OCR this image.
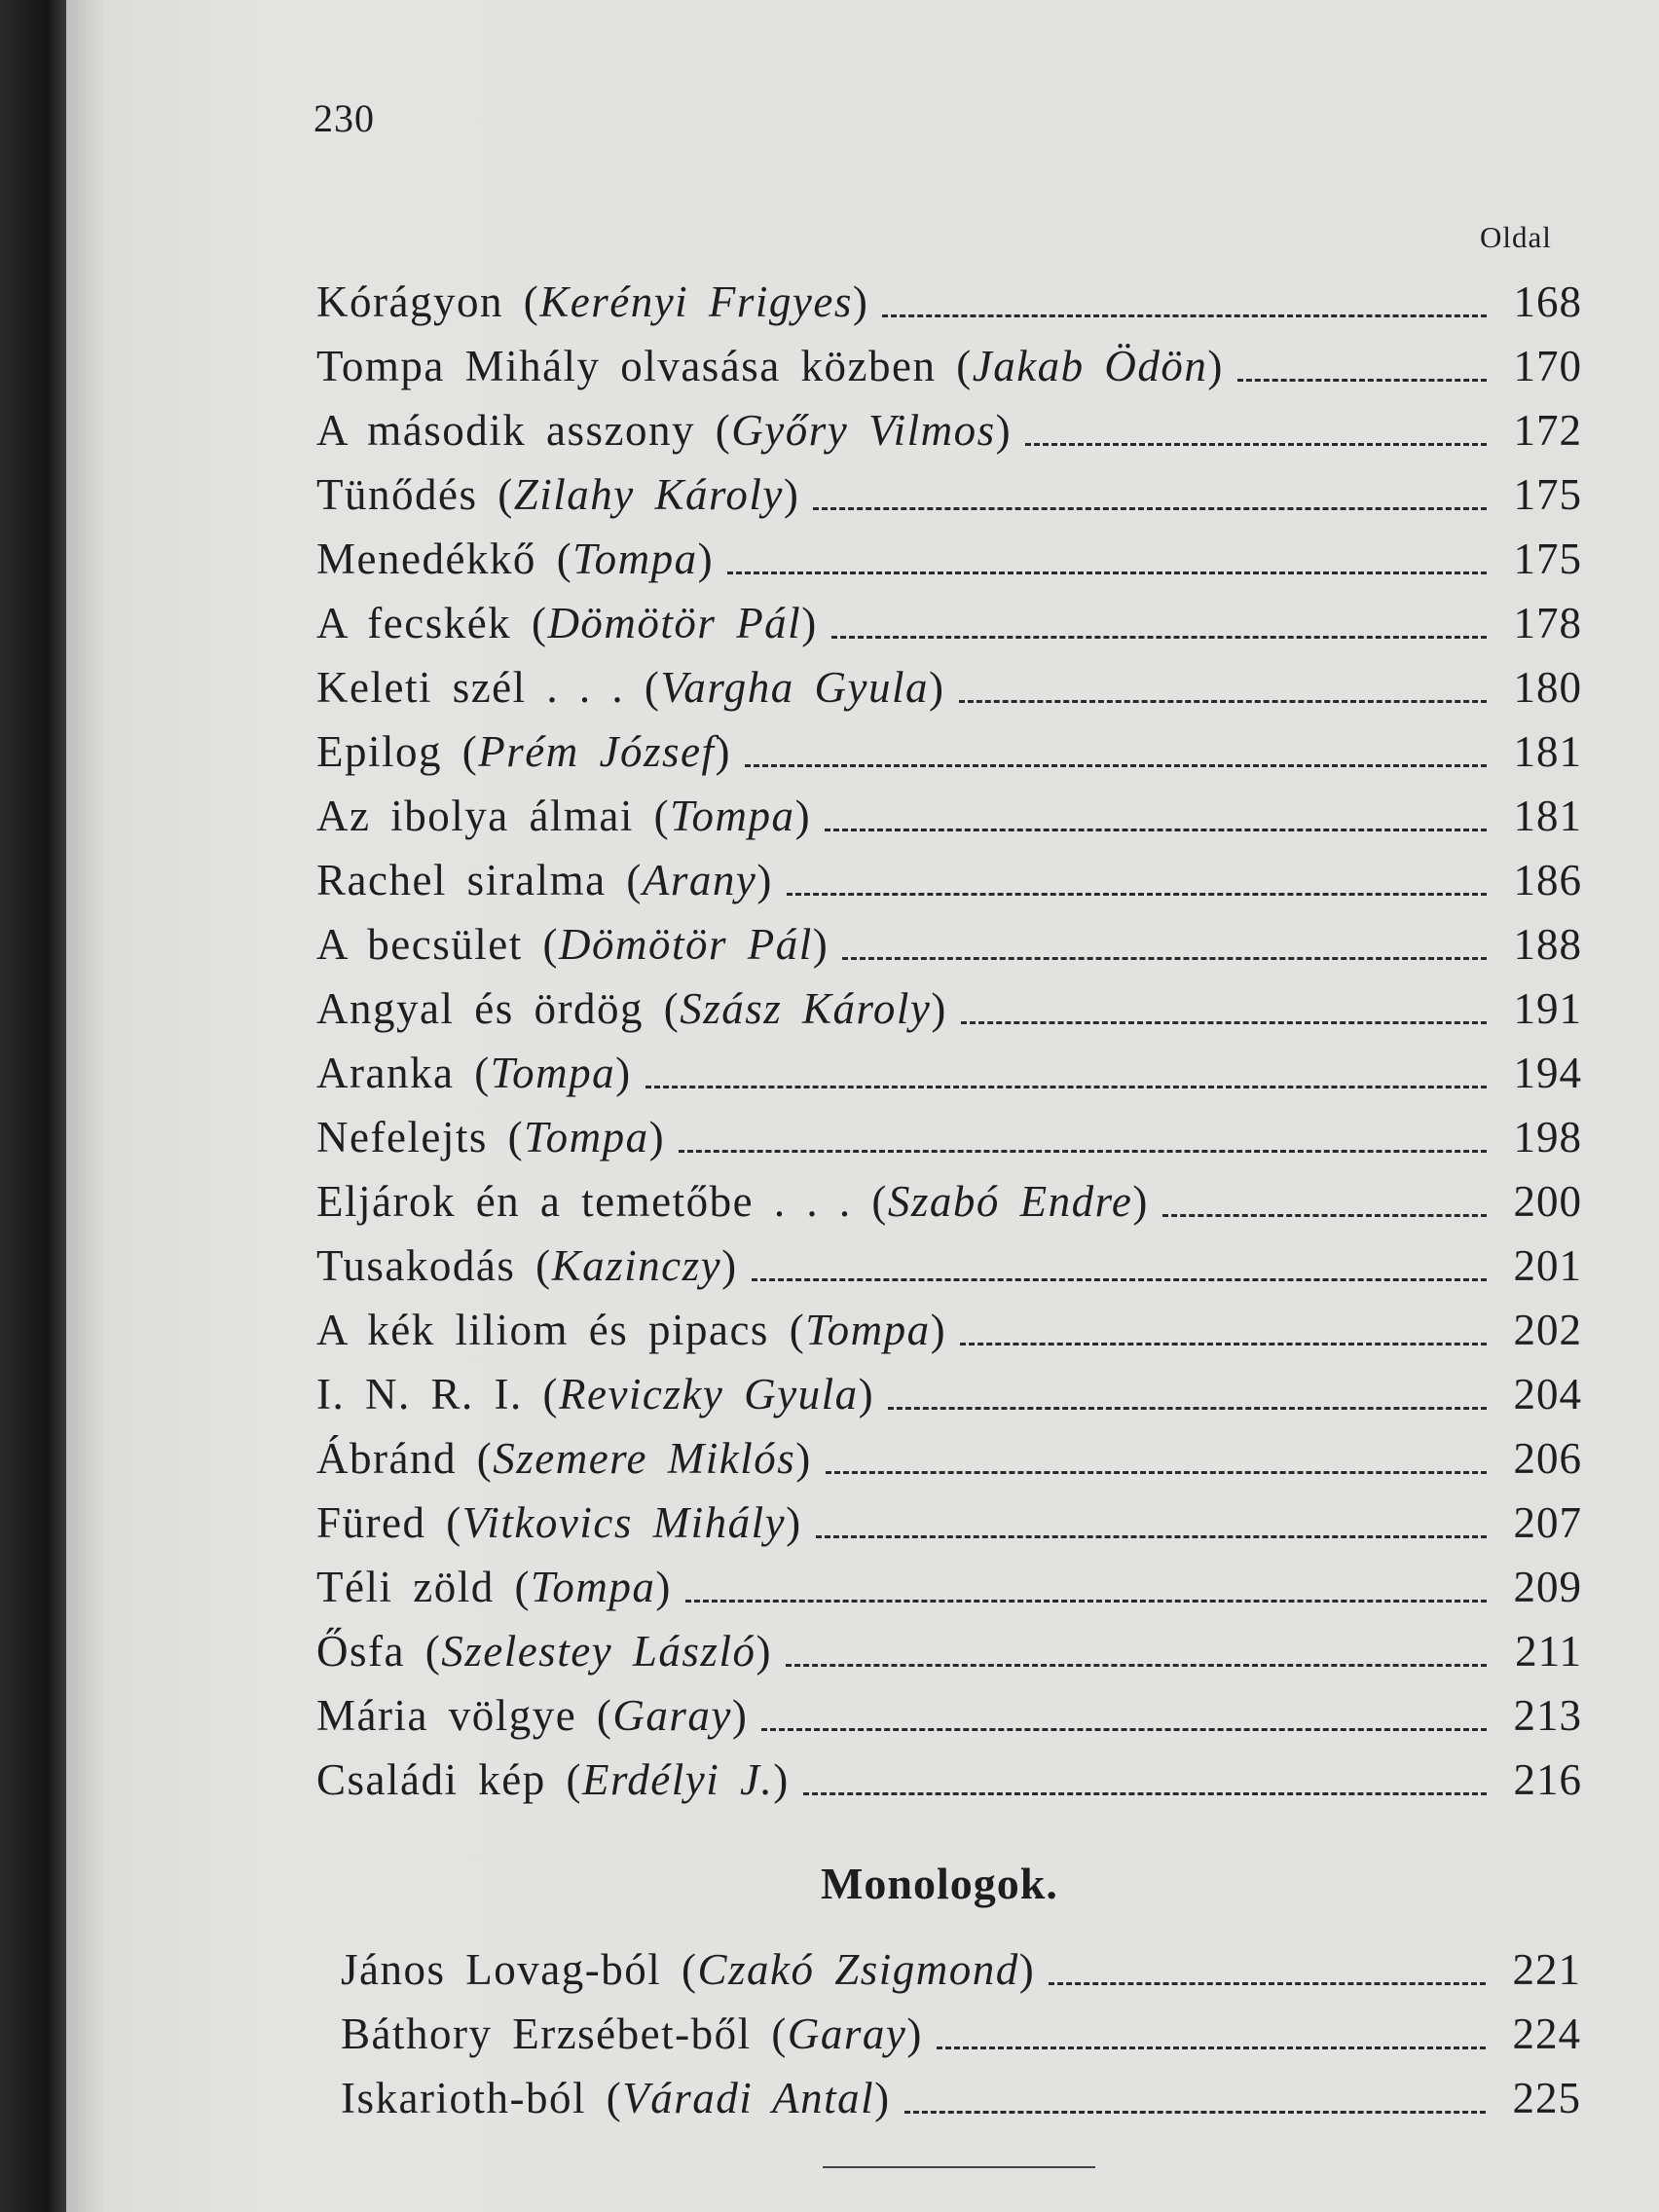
230
Oldal
Kórágyon (Kerényi Frigyes)	168
Tompa Mihály olvasása közben (Jakab Ödön)	170
A második asszony (Győry Vilmos)	172
Tünődés (Zilahy Károly)	175
Menedékkő (Tompa)	175
A fecskék (Dömötör Pál)	178
Keleti szél . . . (Vargha Gyula)	180
Epilog (Prém József)	181
Az ibolya álmai (Tompa)	181
Rachel siralma (Arany)	186
A becsület (Dömötör Pál)	188
Angyal és ördög (Szász Károly)	191
Aranka (Tompa)	194
Nefelejts (Tompa)	198
Eljárok én a temetőbe . . . (Szabó Endre)	200
Tusakodás (Kazinczy)	201
A kék liliom és pipacs (Tompa)	202
I. N. R. I. (Reviczky Gyula)	204
Ábránd (Szemere Miklós)	206
Füred (Vitkovics Mihály)	207
Téli zöld (Tompa)	209
Ősfa (Szelestey László)	211
Mária völgye (Garay)	213
Családi kép (Erdélyi J.)	216
Monologok.
János Lovag-ból (Czakó Zsigmond)	221
Báthory Erzsébet-ből (Garay)	224
Iskarioth-ból (Váradi Antal)	225
